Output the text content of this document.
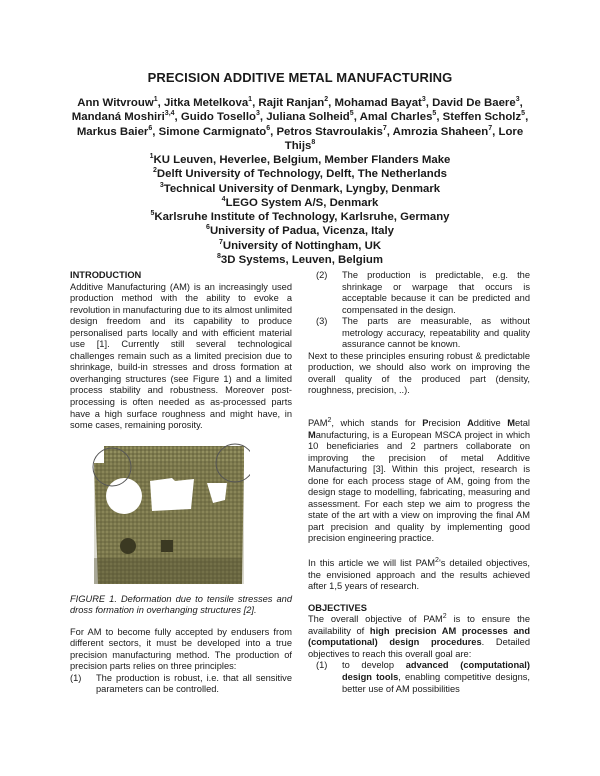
PRECISION ADDITIVE METAL MANUFACTURING
Ann Witvrouw$^1$, Jitka Metelkova$^1$, Rajit Ranjan$^2$, Mohamad Bayat$^3$, David De Baere$^3$, Mandaná Moshiri$^{3,4}$, Guido Tosello$^3$, Juliana Solheid$^5$, Amal Charles$^5$, Steffen Scholz$^5$, Markus Baier$^6$, Simone Carmignato$^6$, Petros Stavroulakis$^7$, Amrozia Shaheen$^7$, Lore Thijs$^8$
$^1$KU Leuven, Heverlee, Belgium, Member Flanders Make
$^2$Delft University of Technology, Delft, The Netherlands
$^3$Technical University of Denmark, Lyngby, Denmark
$^4$LEGO System A/S, Denmark
$^5$Karlsruhe Institute of Technology, Karlsruhe, Germany
$^6$University of Padua, Vicenza, Italy
$^7$University of Nottingham, UK
$^8$3D Systems, Leuven, Belgium
INTRODUCTION

Additive Manufacturing (AM) is an increasingly used production method with the ability to evoke a revolution in manufacturing due to its almost unlimited design freedom and its capability to produce personalised parts locally and with efficient material use [1]. Currently still several technological challenges remain such as a limited precision due to shrinkage, build-in stresses and dross formation at overhanging structures (see Figure 1) and a limited process stability and robustness. Moreover post-processing is often needed as as-processed parts have a high surface roughness and might have, in some cases, remaining porosity.

FIGURE 1. Deformation due to tensile stresses and dross formation in overhanging structures [2].

For AM to become fully accepted by endusers from different sectors, it must be developed into a true precision manufacturing method. The production of precision parts relies on three principles:

(1) The production is robust, i.e. that all sensitive parameters can be controlled.
(2) The production is predictable, e.g. the shrinkage or warpage that occurs is acceptable because it can be predicted and compensated in the design.
(3) The parts are measurable, as without metrology accuracy, repeatability and quality assurance cannot be known.

Next to these principles ensuring robust & predictable production, we should also work on improving the overall quality of the produced part (density, roughness, precision, ..).

PAM$^2$, which stands for Precision Additive Metal Manufacturing, is a European MSCA project in which 10 beneficiaries and 2 partners collaborate on improving the precision of metal Additive Manufacturing [3]. Within this project, research is done for each process stage of AM, going from the design stage to modelling, fabricating, measuring and assessment. For each step we aim to progress the state of the art with a view on improving the final AM part precision and quality by implementing good precision engineering practice.

In this article we will list PAM$^2$'s detailed objectives, the envisioned approach and the results achieved after 1,5 years of research.

OBJECTIVES

The overall objective of PAM$^2$ is to ensure the availability of high precision AM processes and (computational) design procedures. Detailed objectives to reach this overall goal are:

(1) to develop advanced (computational) design tools, enabling competitive designs, better use of AM possibilities
